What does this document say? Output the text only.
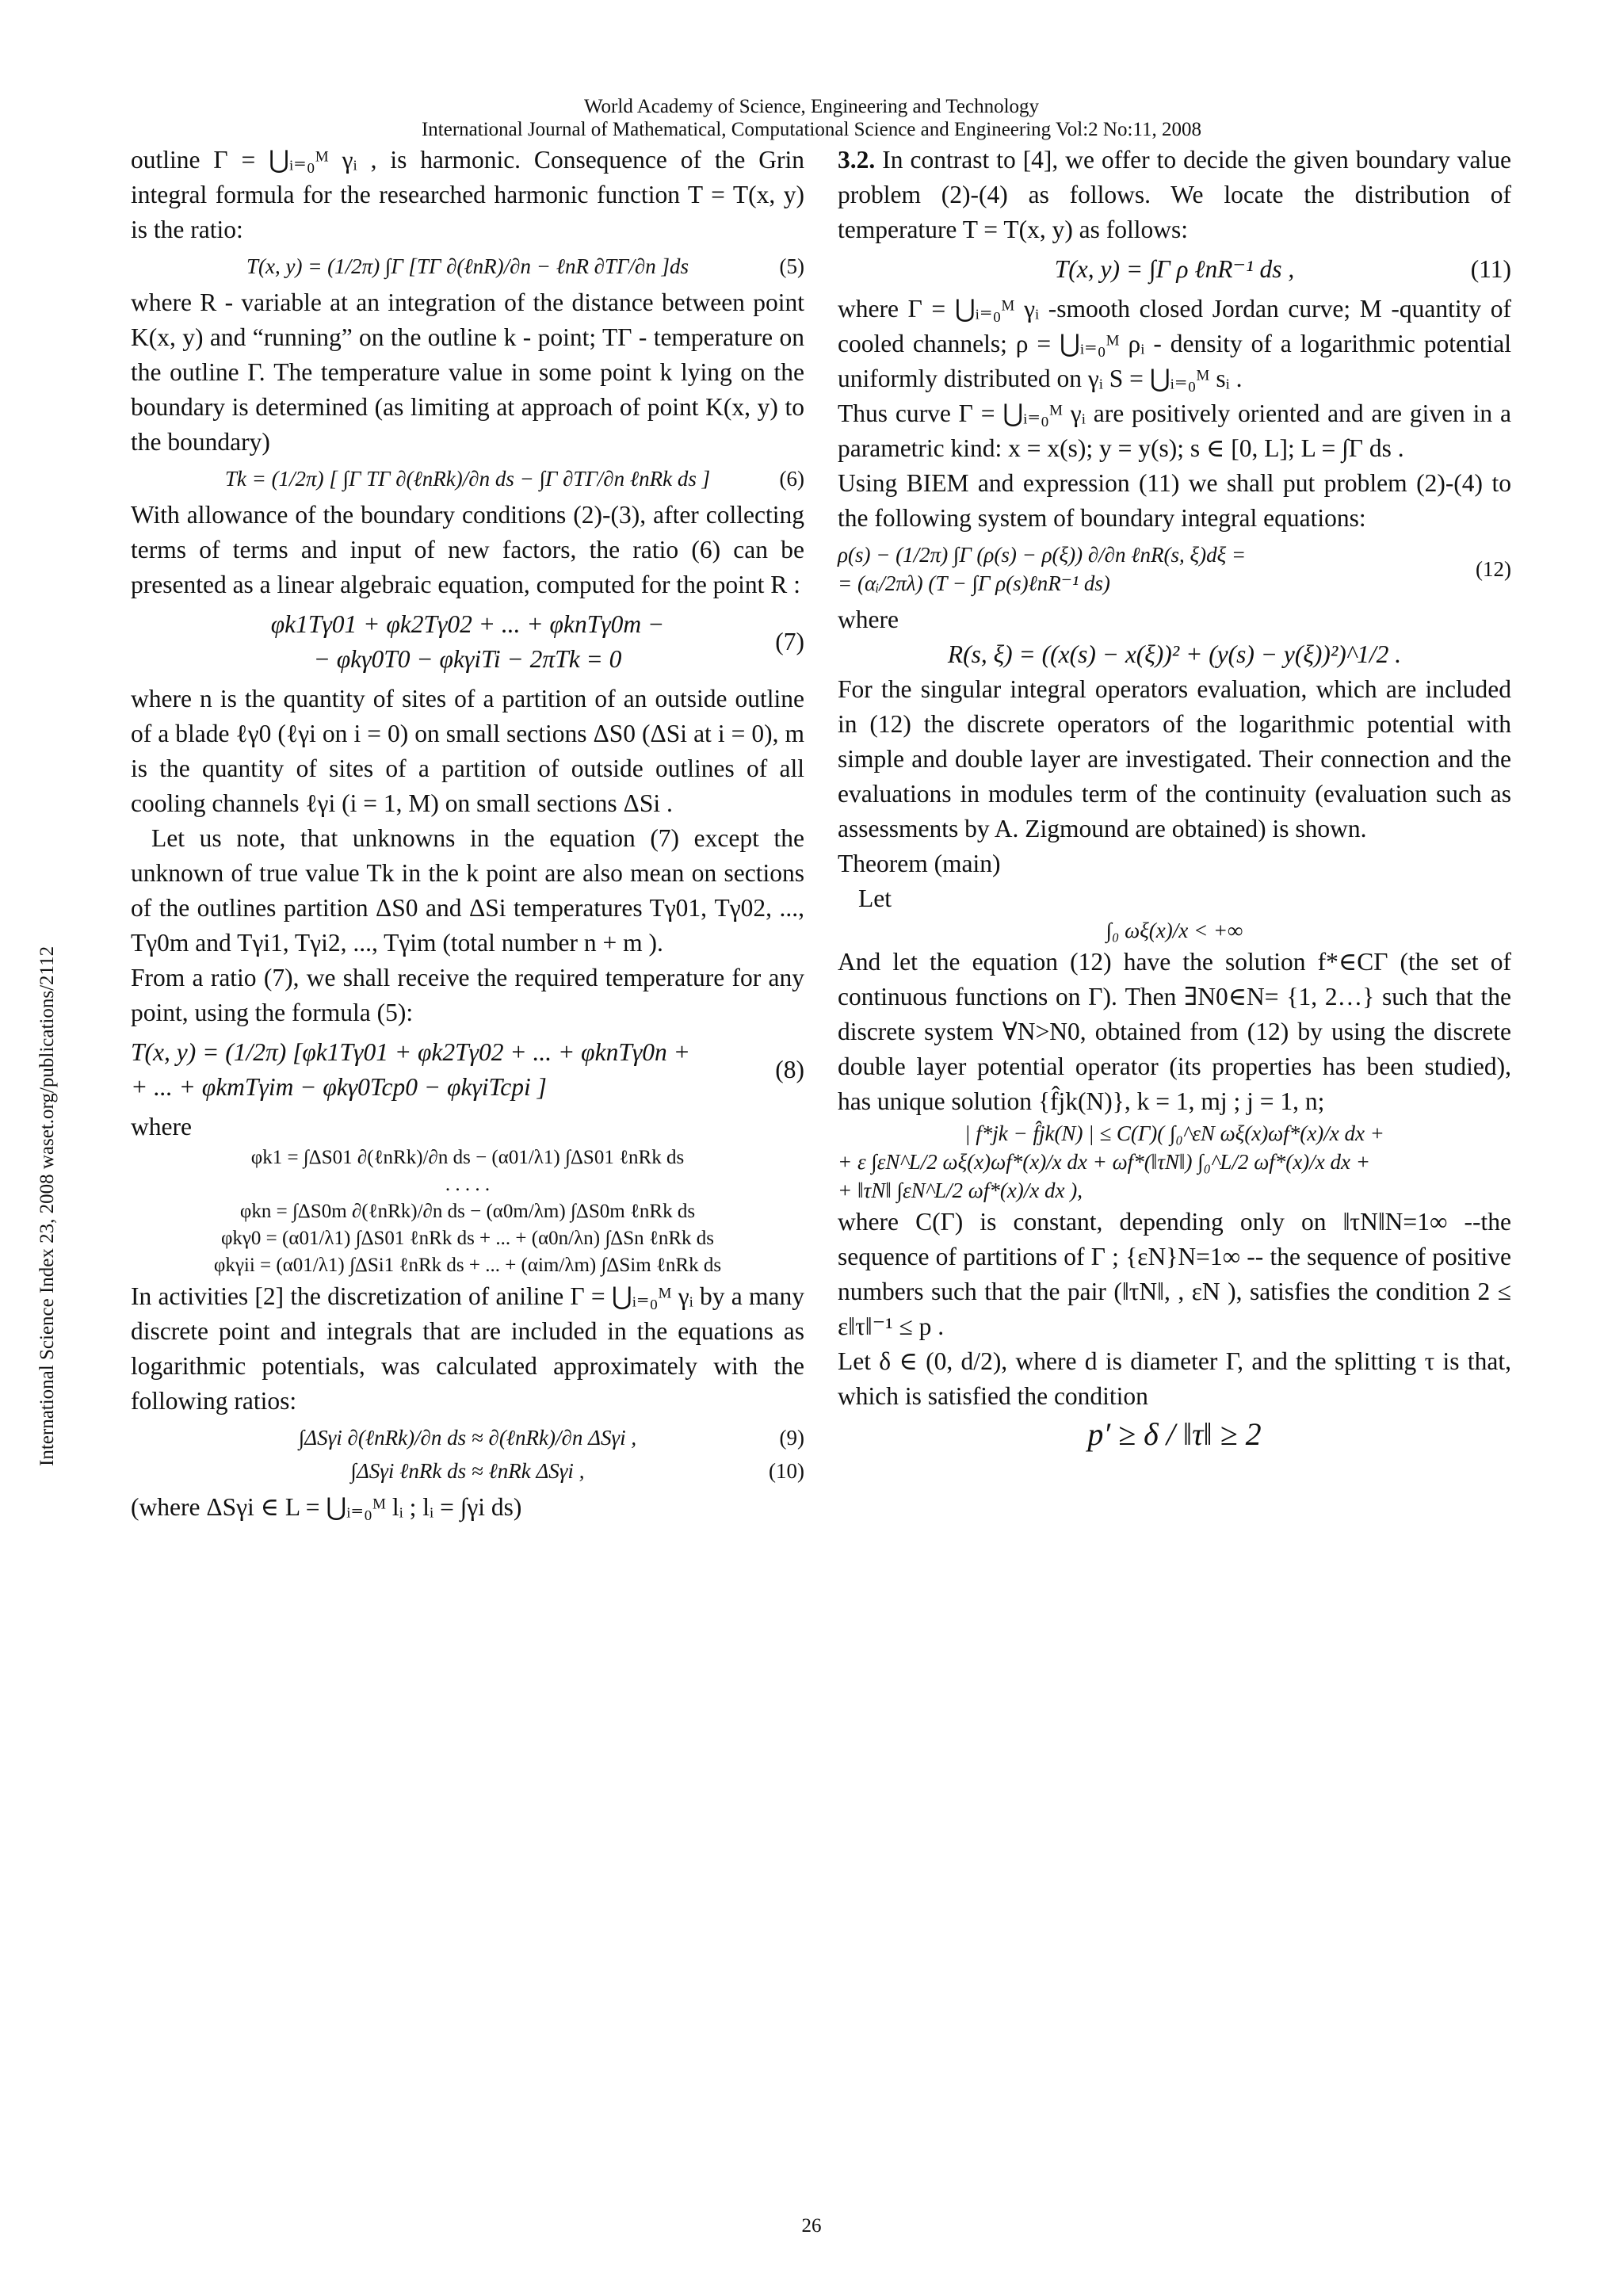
World Academy of Science, Engineering and Technology
International Journal of Mathematical, Computational Science and Engineering Vol:2 No:11, 2008
International Science Index 23, 2008 waset.org/publications/2112

outline Γ = ⋃ᵢ₌₀ᴹ γᵢ , is harmonic. Consequence of the Grin integral formula for the researched harmonic function T = T(x, y) is the ratio:

T(x, y) = (1/2π) ∫Γ [TΓ ∂(ℓnR)/∂n − ℓnR ∂TΓ/∂n ]ds	(5)

where R - variable at an integration of the distance between point K(x, y) and “running” on the outline k - point; TΓ - temperature on the outline Γ. The temperature value in some point k lying on the boundary is determined (as limiting at approach of point K(x, y) to the boundary)

Tk = (1/2π) [ ∫Γ TΓ ∂(ℓnRk)/∂n ds − ∫Γ ∂TΓ/∂n ℓnRk ds ]	(6)

With allowance of the boundary conditions (2)-(3), after collecting terms of terms and input of new factors, the ratio (6) can be presented as a linear algebraic equation, computed for the point R :

φk1Tγ01 + φk2Tγ02 + ... + φknTγ0m −
− φkγ0T0 − φkγiTi − 2πTk = 0
(7)

where n is the quantity of sites of a partition of an outside outline of a blade ℓγ0 (ℓγi on i = 0) on small sections ΔS0 (ΔSi at i = 0), m is the quantity of sites of a partition of outside outlines of all cooling channels ℓγi (i = 1, M) on small sections ΔSi .

Let us note, that unknowns in the equation (7) except the unknown of true value Tk in the k point are also mean on sections of the outlines partition ΔS0 and ΔSi temperatures Tγ01, Tγ02, ..., Tγ0m and Tγi1, Tγi2, ..., Tγim (total number n + m ).

From a ratio (7), we shall receive the required temperature for any point, using the formula (5):

T(x, y) = (1/2π) [φk1Tγ01 + φk2Tγ02 + ... + φknTγ0n +
+ ... + φkmTγim − φkγ0Tcp0 − φkγiTcpi ]
(8)

where

φk1 = ∫ΔS01 ∂(ℓnRk)/∂n ds − (α01/λ1) ∫ΔS01 ℓnRk ds

. . . . .

φkn = ∫ΔS0m ∂(ℓnRk)/∂n ds − (α0m/λm) ∫ΔS0m ℓnRk ds

φkγ0 = (α01/λ1) ∫ΔS01 ℓnRk ds + ... + (α0n/λn) ∫ΔSn ℓnRk ds

φkγii = (α01/λ1) ∫ΔSi1 ℓnRk ds + ... + (αim/λm) ∫ΔSim ℓnRk ds

In activities [2] the discretization of aniline Γ = ⋃ᵢ₌₀ᴹ γᵢ by a many discrete point and integrals that are included in the equations as logarithmic potentials, was calculated approximately with the following ratios:

∫ΔSγi ∂(ℓnRk)/∂n ds ≈ ∂(ℓnRk)/∂n ΔSγi ,	(9)
∫ΔSγi ℓnRk ds ≈ ℓnRk ΔSγi ,	(10)

(where ΔSγi ∈ L = ⋃ᵢ₌₀ᴹ lᵢ ; lᵢ = ∫γi ds)

3.2. In contrast to [4], we offer to decide the given boundary value problem (2)-(4) as follows. We locate the distribution of temperature T = T(x, y) as follows:

T(x, y) = ∫Γ ρ ℓnR⁻¹ ds ,	(11)

where Γ = ⋃ᵢ₌₀ᴹ γᵢ -smooth closed Jordan curve; M -quantity of cooled channels; ρ = ⋃ᵢ₌₀ᴹ ρᵢ - density of a logarithmic potential uniformly distributed on γᵢ S = ⋃ᵢ₌₀ᴹ sᵢ .

Thus curve Γ = ⋃ᵢ₌₀ᴹ γᵢ are positively oriented and are given in a parametric kind: x = x(s); y = y(s); s ∈ [0, L]; L = ∫Γ ds .

Using BIEM and expression (11) we shall put problem (2)-(4) to the following system of boundary integral equations:

ρ(s) − (1/2π) ∫Γ (ρ(s) − ρ(ξ)) ∂/∂n ℓnR(s, ξ)dξ =
= (αᵢ/2πλ) (T − ∫Γ ρ(s)ℓnR⁻¹ ds)
(12)

where

R(s, ξ) = ((x(s) − x(ξ))² + (y(s) − y(ξ))²)^1/2 .

For the singular integral operators evaluation, which are included in (12) the discrete operators of the logarithmic potential with simple and double layer are investigated. Their connection and the evaluations in modules term of the continuity (evaluation such as assessments by A. Zigmound are obtained) is shown.

Theorem (main)

Let

∫₀ ωξ(x)/x < +∞

And let the equation (12) have the solution f*∈CΓ (the set of continuous functions on Γ). Then ∃N0∈N= {1, 2…} such that the discrete system ∀N>N0, obtained from (12) by using the discrete double layer potential operator (its properties has been studied), has unique solution {f̂jk(N)}, k = 1, mj ; j = 1, n;

| f*jk − f̂jk(N) | ≤ C(Γ)( ∫₀^εN ωξ(x)ωf*(x)/x dx +

+ ε ∫εN^L/2 ωξ(x)ωf*(x)/x dx + ωf*(‖τN‖) ∫₀^L/2 ωf*(x)/x dx +

+ ‖τN‖ ∫εN^L/2 ωf*(x)/x dx ),

where C(Γ) is constant, depending only on ‖τN‖N=1∞ --the sequence of partitions of Γ ; {εN}N=1∞ -- the sequence of positive numbers such that the pair (‖τN‖, , εN ), satisfies the condition 2 ≤ ε‖τ‖⁻¹ ≤ p .

Let δ ∈ (0, d/2), where d is diameter Γ, and the splitting τ is that, which is satisfied the condition

p′ ≥ δ / ‖τ‖ ≥ 2

26
